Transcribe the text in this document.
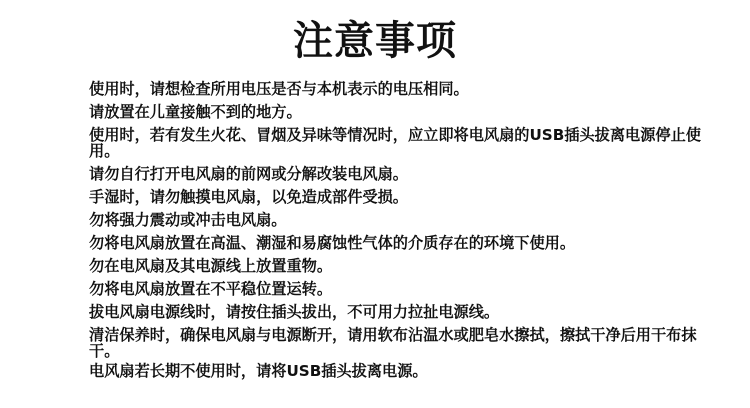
注意事项
使用时，请想检查所用电压是否与本机表示的电压相同。
请放置在儿童接触不到的地方。
使用时，若有发生火花、冒烟及异味等情况时，应立即将电风扇的USB插头拔离电源停止使用。
请勿自行打开电风扇的前网或分解改装电风扇。
手湿时，请勿触摸电风扇，以免造成部件受损。
勿将强力震动或冲击电风扇。
勿将电风扇放置在高温、潮湿和易腐蚀性气体的介质存在的环境下使用。
勿在电风扇及其电源线上放置重物。
勿将电风扇放置在不平稳位置运转。
拔电风扇电源线时，请按住插头拔出，不可用力拉扯电源线。
清洁保养时，确保电风扇与电源断开，请用软布沾温水或肥皂水擦拭，擦拭干净后用干布抹干。
电风扇若长期不使用时，请将USB插头拔离电源。
